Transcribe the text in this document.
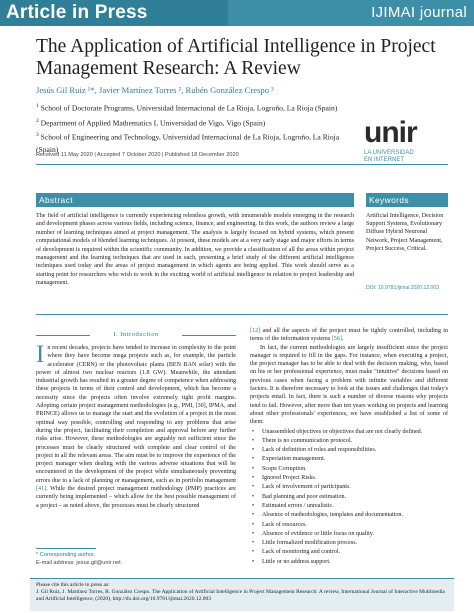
Article in Press	IJIMAI journal
The Application of Artificial Intelligence in Project Management Research: A Review
Jesús Gil Ruiz ¹*, Javier Martínez Torres ², Rubén González Crespo ³
$^1$ School of Doctorate Programs, Universidad Internacional de La Rioja, Logroño, La Rioja (Spain)
$^2$ Department of Applied Mathematics I, Universidad de Vigo, Vigo (Spain)
$^3$ School of Engineering and Technology, Universidad Internacional de La Rioja, Logroño, La Rioja (Spain)
unir
LA UNIVERSIDAD
EN INTERNET
Received 11 May 2020 | Accepted 7 October 2020 | Published 18 December 2020
Abstract	Keywords

The field of artificial intelligence is currently experiencing relentless growth, with innumerable models emerging in the research and development phases across various fields, including science, finance, and engineering. In this work, the authors review a large number of learning techniques aimed at project management. The analysis is largely focused on hybrid systems, which present computational models of blended learning techniques. At present, these models are at a very early stage and major efforts in terms of development is required within the scientific community. In addition, we provide a classification of all the areas within project management and the learning techniques that are used in each, presenting a brief study of the different artificial intelligence techniques used today and the areas of project management in which agents are being applied. This work should serve as a starting point for researchers who wish to work in the exciting world of artificial intelligence in relation to project leadership and management.

Artificial Intelligence, Decision Support Systems, Evolutionary Diffuse Hybrid Neuronal Network, Project Management, Project Success, Critical.

DOI: 10.9781/ijimai.2020.12.003
I. Introduction
In recent decades, projects have tended to increase in complexity to the point where they have become mega projects such as, for example, the particle accelerator (CERN) or the photovoltaic plants (BEN BAN solar) with the power of almost two nuclear reactors (1.8 GW). Meanwhile, the attendant industrial growth has resulted in a greater degree of competence when addressing these projects in terms of their control and development, which has become a necessity since the projects often involve extremely tight profit margins. Adopting certain project management methodologies (e.g., PMI, [30], IPMA, and PRINCE) allows us to manage the start and the evolution of a project in the most optimal way possible, controlling and responding to any problems that arise during the project, facilitating their completion and approval before any further risks arise. However, these methodologies are arguably not sufficient since the processes must be clearly structured with complete and clear control of the project in all the relevant areas. The aim must be to improve the experience of the project manager when dealing with the various adverse situations that will be encountered in the development of the project while simultaneously preventing errors due to a lack of planning or management, such as in portfolio management [41]. While the desired project management methodology (PMP) practices are currently being implemented – which allow for the best possible management of a project – as noted above, the processes must be clearly structured
* Corresponding author.
E-mail address: jesus.gil@unir.net

[12] and all the aspects of the project must be tightly controlled, including in terms of the information systems [56].

In fact, the current methodologies are largely insufficient since the project manager is required to fill in the gaps. For instance, when executing a project, the project manager has to be able to deal with the decision making, who, based on his or her professional experience, must make "intuitive" decisions based on previous cases when facing a problem with infinite variables and different factors. It is therefore necessary to look at the issues and challenges that today's projects entail. In fact, there is such a number of diverse reasons why projects tend to fail. However, after more than ten years working on projects and learning about other professionals' experiences, we have established a list of some of them:

• Unassembled objectives or objectives that are not clearly defined.
• There is no communication protocol.
• Lack of definition of roles and responsibilities.
• Expectation management.
• Scope Corruption.
• Ignored Project Risks.
• Lack of involvement of participants.
• Bad planning and poor estimation.
• Estimated errors / unrealistic.
• Absence of methodologies, templates and documentation.
• Lack of resources.
• Absence of evidence or little focus on quality.
• Little formalized modification process.
• Lack of monitoring and control.
• Little or no address support.
Please cite this article in press as:
J. Gil Ruiz, J. Martínez Torres, R. González Crespo. The Application of Artificial Intelligence in Project Management Research: A review, International Journal of Interactive Multimedia and Artificial Intelligence, (2020), http://dx.doi.org/10.9781/ijimai.2020.12.003
